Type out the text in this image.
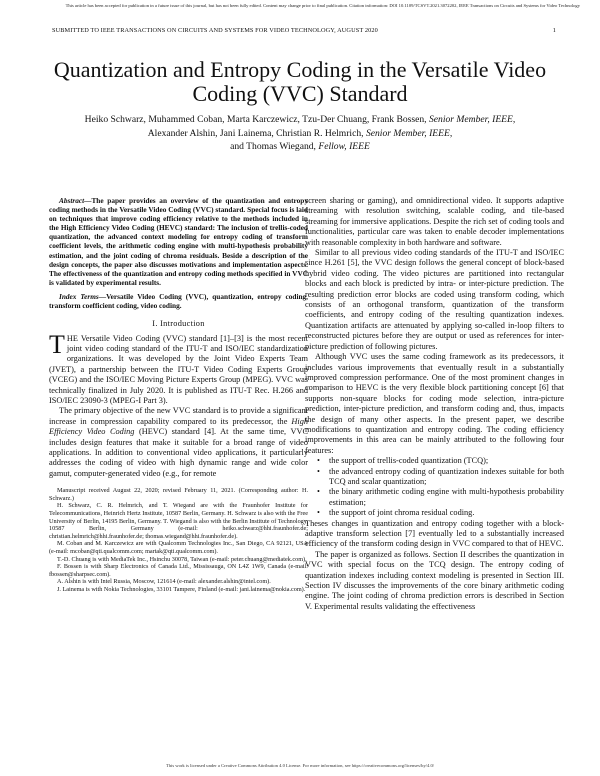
This article has been accepted for publication in a future issue of this journal, but has not been fully edited. Content may change prior to final publication. Citation information: DOI 10.1109/TCSVT.2021.3072202, IEEE Transactions on Circuits and Systems for Video Technology
SUBMITTED TO IEEE TRANSACTIONS ON CIRCUITS AND SYSTEMS FOR VIDEO TECHNOLOGY, AUGUST 2020	1
Quantization and Entropy Coding in the Versatile Video Coding (VVC) Standard
Heiko Schwarz, Muhammed Coban, Marta Karczewicz, Tzu-Der Chuang, Frank Bossen, Senior Member, IEEE,
Alexander Alshin, Jani Lainema, Christian R. Helmrich, Senior Member, IEEE,
and Thomas Wiegand, Fellow, IEEE

Abstract—The paper provides an overview of the quantization and entropy coding methods in the Versatile Video Coding (VVC) standard. Special focus is laid on techniques that improve coding efficiency relative to the methods included in the High Efficiency Video Coding (HEVC) standard: The inclusion of trellis-coded quantization, the advanced context modeling for entropy coding of transform coefficient levels, the arithmetic coding engine with multi-hypothesis probability estimation, and the joint coding of chroma residuals. Beside a description of the design concepts, the paper also discusses motivations and implementation aspects. The effectiveness of the quantization and entropy coding methods specified in VVC is validated by experimental results.

Index Terms—Versatile Video Coding (VVC), quantization, entropy coding, transform coefficient coding, video coding.

I. Introduction

THE Versatile Video Coding (VVC) standard [1]–[3] is the most recent joint video coding standard of the ITU-T and ISO/IEC standardization organizations. It was developed by the Joint Video Experts Team (JVET), a partnership between the ITU-T Video Coding Experts Group (VCEG) and the ISO/IEC Moving Picture Experts Group (MPEG). VVC was technically finalized in July 2020. It is published as ITU-T Rec. H.266 and ISO/IEC 23090-3 (MPEG-I Part 3).

The primary objective of the new VVC standard is to provide a significant increase in compression capability compared to its predecessor, the High Efficiency Video Coding (HEVC) standard [4]. At the same time, VVC includes design features that make it suitable for a broad range of video applications. In addition to conventional video applications, it particularly addresses the coding of video with high dynamic range and wide color gamut, computer-generated video (e.g., for remote

Manuscript received August 22, 2020; revised February 11, 2021. (Corresponding author: H. Schwarz.)

H. Schwarz, C. R. Helmrich, and T. Wiegand are with the Fraunhofer Institute for Telecommunications, Heinrich Hertz Institute, 10587 Berlin, Germany. H. Schwarz is also with the Free University of Berlin, 14195 Berlin, Germany. T. Wiegand is also with the Berlin Institute of Technology, 10587 Berlin, Germany (e-mail: heiko.schwarz@hhi.fraunhofer.de; christian.helmrich@hhi.fraunhofer.de; thomas.wiegand@hhi.fraunhofer.de).

M. Coban and M. Karczewicz are with Qualcomm Technologies Inc., San Diego, CA 92121, USA (e-mail: mcoban@qti.qualcomm.com; martak@qti.qualcomm.com).

T.-D. Chuang is with MediaTek Inc., Hsinchu 30078, Taiwan (e-mail: peter.chuang@mediatek.com).

F. Bossen is with Sharp Electronics of Canada Ltd., Mississauga, ON L4Z 1W9, Canada (e-mail: fbossen@sharpsec.com).

A. Alshin is with Intel Russia, Moscow, 121614 (e-mail: alexander.alshin@intel.com).

J. Lainema is with Nokia Technologies, 33101 Tampere, Finland (e-mail: jani.lainema@nokia.com).

screen sharing or gaming), and omnidirectional video. It supports adaptive streaming with resolution switching, scalable coding, and tile-based streaming for immersive applications. Despite the rich set of coding tools and functionalities, particular care was taken to enable decoder implementations with reasonable complexity in both hardware and software.

Similar to all previous video coding standards of the ITU-T and ISO/IEC since H.261 [5], the VVC design follows the general concept of block-based hybrid video coding. The video pictures are partitioned into rectangular blocks and each block is predicted by intra- or inter-picture prediction. The resulting prediction error blocks are coded using transform coding, which consists of an orthogonal transform, quantization of the transform coefficients, and entropy coding of the resulting quantization indexes. Quantization artifacts are attenuated by applying so-called in-loop filters to reconstructed pictures before they are output or used as references for inter-picture prediction of following pictures.

Although VVC uses the same coding framework as its predecessors, it includes various improvements that eventually result in a substantially improved compression performance. One of the most prominent changes in comparison to HEVC is the very flexible block partitioning concept [6] that supports non-square blocks for coding mode selection, intra-picture prediction, inter-picture prediction, and transform coding and, thus, impacts the design of many other aspects. In the present paper, we describe modifications to quantization and entropy coding. The coding efficiency improvements in this area can be mainly attributed to the following four features:

• the support of trellis-coded quantization (TCQ);
• the advanced entropy coding of quantization indexes suitable for both TCQ and scalar quantization;
• the binary arithmetic coding engine with multi-hypothesis probability estimation;
• the support of joint chroma residual coding.

Theses changes in quantization and entropy coding together with a block-adaptive transform selection [7] eventually led to a substantially increased efficiency of the transform coding design in VVC compared to that of HEVC.

The paper is organized as follows. Section II describes the quantization in VVC with special focus on the TCQ design. The entropy coding of quantization indexes including context modeling is presented in Section III. Section IV discusses the improvements of the core binary arithmetic coding engine. The joint coding of chroma prediction errors is described in Section V. Experimental results validating the effectiveness

This work is licensed under a Creative Commons Attribution 4.0 License. For more information, see https://creativecommons.org/licenses/by/4.0/
